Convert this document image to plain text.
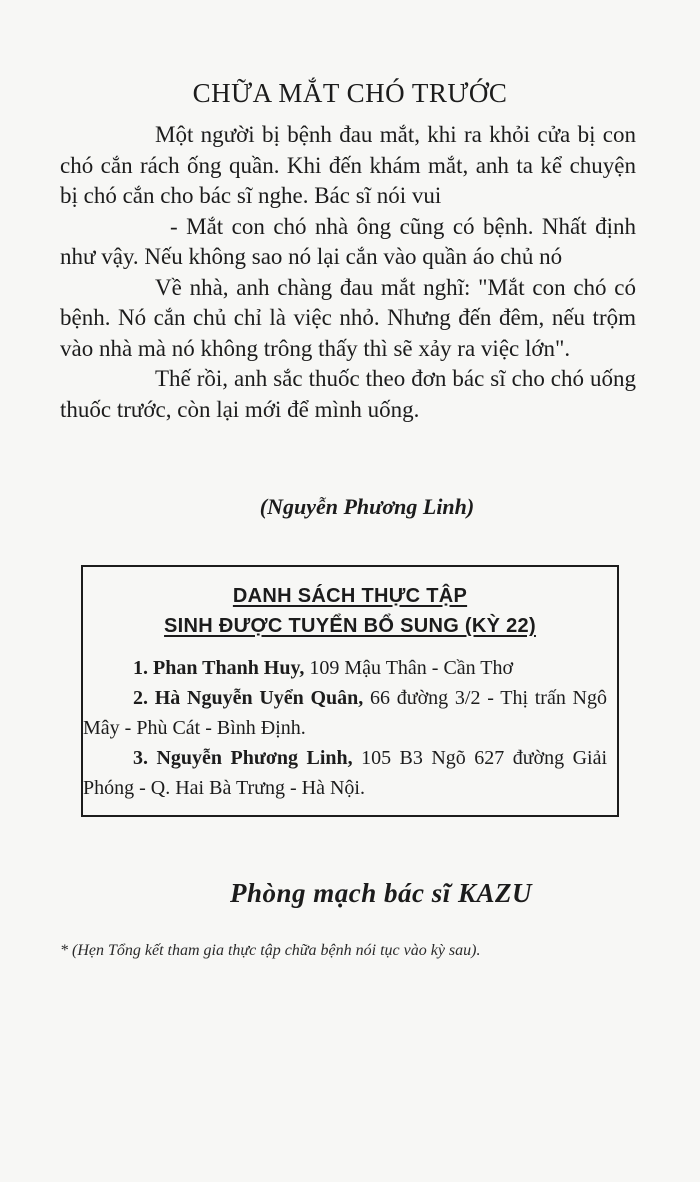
CHỮA MẮT CHÓ TRƯỚC

Một người bị bệnh đau mắt, khi ra khỏi cửa bị con chó cắn rách ống quần. Khi đến khám mắt, anh ta kể chuyện bị chó cắn cho bác sĩ nghe. Bác sĩ nói vui

- Mắt con chó nhà ông cũng có bệnh. Nhất định như vậy. Nếu không sao nó lại cắn vào quần áo chủ nó

Về nhà, anh chàng đau mắt nghĩ: "Mắt con chó có bệnh. Nó cắn chủ chỉ là việc nhỏ. Nhưng đến đêm, nếu trộm vào nhà mà nó không trông thấy thì sẽ xảy ra việc lớn".

Thế rồi, anh sắc thuốc theo đơn bác sĩ cho chó uống thuốc trước, còn lại mới để mình uống.

(Nguyễn Phương Linh)
DANH SÁCH THỰC TẬP
SINH ĐƯỢC TUYỂN BỔ SUNG (KỲ 22)

1. Phan Thanh Huy, 109 Mậu Thân - Cần Thơ

2. Hà Nguyễn Uyển Quân, 66 đường 3/2 - Thị trấn Ngô Mây - Phù Cát - Bình Định.

3. Nguyễn Phương Linh, 105 B3 Ngõ 627 đường Giải Phóng - Q. Hai Bà Trưng - Hà Nội.

Phòng mạch bác sĩ KAZU
* (Hẹn Tổng kết tham gia thực tập chữa bệnh nói tục vào kỳ sau).
